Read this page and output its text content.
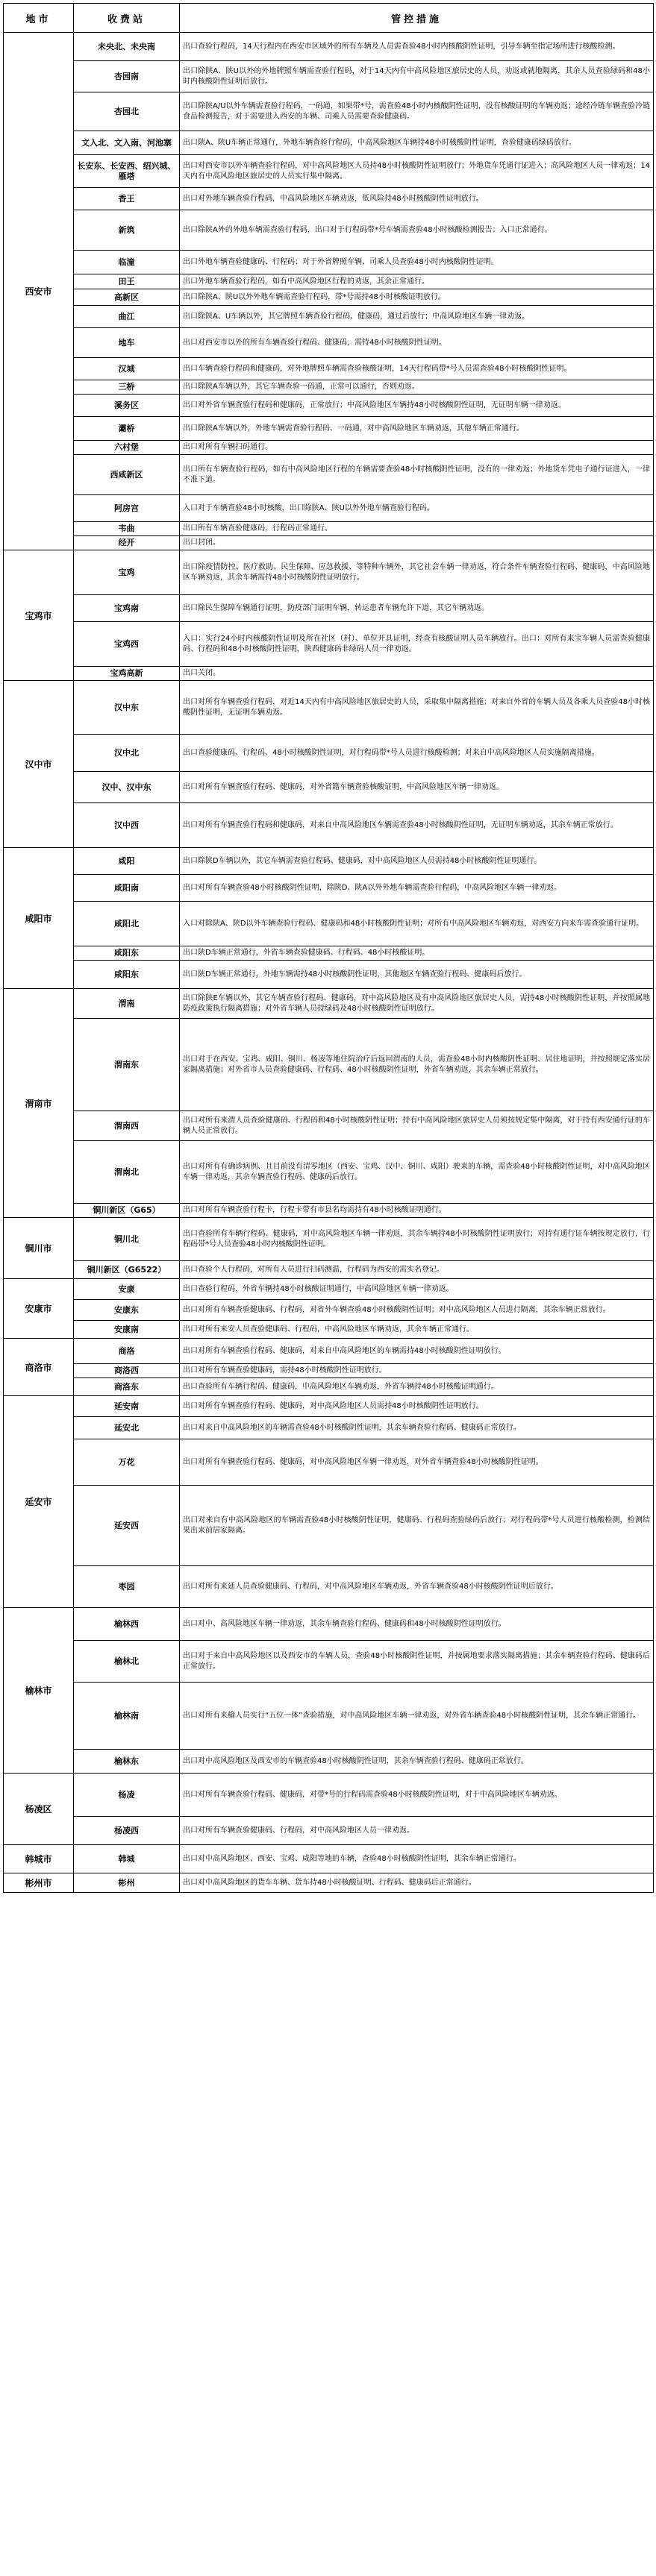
地市	收费站	管控措施
西安市	未央北、未央南	出口查验行程码，14天行程内在西安市区域外的所有车辆及人员需查验48小时内核酸阴性证明，引导车辆至指定场所进行核酸检测。
	杏园南	出口除陕A、陕U以外的外地牌照车辆需查验行程码，对于14天内有中高风险地区旅居史的人员，劝返或就地隔离，其余人员查验绿码和48小时内核酸阴性证明后放行。
	杏园北	出口除陕A/U以外车辆需查验行程码，一码通，如果带*号，需查验48小时内核酸阴性证明，没有核酸证明的车辆劝返；途经冷链车辆查验冷链食品检测报告，对于需要进入西安的车辆、司乘人员需要查验健康码。
	文入北、文入南、河池寨	出口陕A、陕U车辆正常通行，外地车辆查验行程码，中高风险地区车辆持48小时核酸阴性证明，查验健康码绿码放行。
	长安东、长安西、绍兴城、雁塔	出口对西安市以外车辆查验行程码，对中高风险地区人员持48小时核酸阴性证明放行；外地货车凭通行证进入；高风险地区人员一律劝返；14天内有中高风险地区旅居史的人员实行集中隔离。
	香王	出口对外地车辆查验行程码，中高风险地区车辆劝返，低风险持48小时核酸阴性证明放行。
	新筑	出口除陕A外的外地车辆需查验行程码，出口对于行程码带*号车辆需查验48小时核酸检测报告；入口正常通行。
	临潼	出口外地车辆查验健康码、行程码；对于外省牌照车辆、司乘人员查验48小时内核酸阴性证明。
	田王	出口外地车辆查验行程码，如有中高风险地区行程的劝返，其余正常通行。
	高新区	出口除陕A、陕U以外外地车辆需查验行程码，带*号需持48小时核酸证明放行。
	曲江	出口除陕A、U车辆以外，其它牌照车辆查验行程码、健康码，通过后放行；中高风险地区车辆一律劝返。
	地车	出口对西安市以外的所有车辆查验行程码、健康码，需持48小时核酸阴性证明。
	汉城	出口车辆查验行程码和健康码，对外地牌照车辆需查验核酸证明，14天行程码带*号人员需查验48小时核酸阴性证明。
	三桥	出口除陕A车辆以外，其它车辆查验一码通，正常可以通行，否则劝返。
	溪务区	出口对外省车辆查验行程码和健康码，正常放行；中高风险地区车辆持48小时核酸阴性证明，无证明车辆一律劝返。
	灞桥	出口除陕A车辆以外，外地车辆需查验行程码、一码通，对中高风险地区车辆劝返，其他车辆正常通行。
	六村堡	出口对所有车辆扫码通行。
	西咸新区	出口所有车辆查验行程码，如有中高风险地区行程的车辆需要查验48小时核酸阴性证明，没有的一律劝返；外地货车凭电子通行证进入，一律不准下道。
	阿房宫	入口对于车辆查验48小时核酸，出口除陕A、陕U以外外地车辆查验行程码。
	韦曲	出口所有车辆查验健康码，行程码正常通行。
	经开	出口封闭。
宝鸡市	宝鸡	出口除疫情防控、医疗救助、民生保障、应急救援、等特种车辆外，其它社会车辆一律劝返，符合条件车辆查验行程码、健康码，中高风险地区车辆劝返，其余车辆需持48小时核酸阴性证明放行。
	宝鸡南	出口除民生保障车辆通行证明，防疫部门证明车辆，转运患者车辆允许下道，其它车辆劝返。
	宝鸡西	入口：实行24小时内核酸阴性证明及所在社区（村）、单位开具证明，经查有核酸证明人员车辆放行。出口：对所有来宝车辆人员需查验健康码、行程码和48小时核酸阴性证明，陕西健康码非绿码人员一律劝返。
	宝鸡高新	出口关闭。
汉中市	汉中东	出口对所有车辆查验行程码，对近14天内有中高风险地区旅居史的人员，采取集中隔离措施；对来自外省的车辆人员及各乘人员查验48小时核酸阴性证明，无证明车辆劝返。
	汉中北	出口查验健康码、行程码、48小时核酸阴性证明，对行程码带*号人员进行核酸检测；对来自中高风险地区人员实施隔离措施。
	汉中、汉中东	出口对所有车辆查验行程码、健康码，对外省籍车辆查验核酸证明，中高风险地区车辆一律劝返。
	汉中西	出口对所有车辆查验行程码和健康码，对来自中高风险地区车辆需查验48小时核酸阴性证明，无证明车辆劝返，其余车辆正常放行。
咸阳市	咸阳	出口除陕D车辆以外，其它车辆需查验行程码、健康码，对中高风险地区人员需持48小时核酸阴性证明通行。
	咸阳南	出口对所有车辆查验48小时核酸阴性证明，除陕D、陕A以外外地车辆需查验行程码，中高风险地区车辆一律劝返。
	咸阳北	入口对除陕A、陕D以外车辆查验行程码、健康码和48小时核酸阴性证明；对所有中高风险地区车辆劝返，对西安方向来车需查验通行证明。
	咸阳东	出口陕D车辆正常通行，外省车辆查验健康码、行程码、48小时核酸证明。
	咸阳东	出口陕D车辆正常通行，外地车辆需持48小时核酸阴性证明，其他地区车辆查验行程码、健康码后放行。
渭南市	渭南	出口除陕E车辆以外，其它车辆查验行程码、健康码，对中高风险地区及有中高风险地区旅居史人员，需持48小时核酸阴性证明，并按照属地防疫政策执行隔离措施；对外省车辆人员持绿码及48小时核酸阴性证明放行。
	渭南东	出口对于在西安、宝鸡、咸阳、铜川、杨凌等地住院治疗后返回渭南的人员，需查验48小时内核酸阴性证明、居住地证明，并按照规定落实居家隔离措施；对外省市人员查验健康码、行程码、48小时核酸阴性证明，外省车辆劝返，其余车辆正常放行。
	渭南西	出口对所有来渭人员查验健康码、行程码和48小时核酸阴性证明；持有中高风险地区旅居史人员须按规定集中隔离，对于持有西安通行证的车辆人员正常放行。
	渭南北	出口对所有有确诊病例、且目前没有清零地区（西安、宝鸡、汉中、铜川、咸阳）驶来的车辆，需查验48小时核酸阴性证明，对中高风险地区车辆一律劝返，其余车辆查验行程码、健康码后放行。
	铜川新区（G65）	出口对所有车辆查验行程卡，行程卡带有市县名均需持有48小时核酸证明通行。
铜川市	铜川北	出口查验所有车辆行程码、健康码，对中高风险地区车辆一律劝返，其余车辆持48小时核酸阴性证明放行；对持有通行证车辆按规定放行，行程码带*号人员查验48小时内核酸阴性证明。
	铜川新区（G6522）	出口查验个人行程码，对所有人员进行扫码测温，行程码为西安的需实名登记。
安康市	安康	出口查验行程码，外省车辆持48小时核酸证明通行，中高风险地区车辆一律劝返。
	安康东	出口对所有车辆查验健康码、行程码，对省外车辆查验48小时核酸阴性证明；对中高风险地区人员进行隔离，其余车辆正常放行。
	安康南	出口对所有来安人员查验健康码、行程码，中高风险地区车辆劝返，其余车辆正常通行。
商洛市	商洛	出口对所有车辆查验行程码、健康码，对来自中高风险地区的车辆需持48小时核酸阴性证明放行。
	商洛西	出口对所有车辆查验健康码，需持48小时核酸阴性证明放行。
	商洛东	出口查验所有车辆行程码、健康码，中高风险地区车辆劝返，外省车辆持48小时核酸证明通行。
延安市	延安南	出口对所有车辆查验行程码、健康码，对中高风险地区人员需持48小时核酸阴性证明放行。
	延安北	出口对来自中高风险地区的车辆需查验48小时核酸阴性证明，其余车辆查验行程码、健康码正常放行。
	万花	出口对所有车辆查验行程码、健康码，对中高风险地区车辆一律劝返，对外省车辆查验48小时核酸阴性证明。
	延安西	出口对来自有中高风险地区的车辆需查验48小时核酸阴性证明，健康码、行程码查验绿码后放行；对行程码带*号人员进行核酸检测，检测结果出来前居家隔离。
	枣园	出口对所有来延人员查验健康码、行程码，对中高风险地区车辆劝返，外省车辆查验48小时核酸阴性证明后放行。
榆林市	榆林西	出口对中、高风险地区车辆一律劝返，其余车辆查验行程码、健康码和48小时核酸阴性证明放行。
	榆林北	出口对于来自中高风险地区以及西安市的车辆人员，查验48小时核酸阴性证明，并按属地要求落实隔离措施；其余车辆查验行程码、健康码后正常放行。
	榆林南	出口对所有来榆人员实行“五位一体”查验措施，对中高风险地区车辆一律劝返，对外省车辆查验48小时核酸阴性证明，其余车辆正常通行。
	榆林东	出口对中高风险地区及西安市的车辆查验48小时核酸阴性证明，其余车辆查验行程码、健康码正常放行。
杨凌区	杨凌	出口对所有车辆查验行程码、健康码，对带*号的行程码需查验48小时核酸阴性证明，对于中高风险地区车辆劝返。
	杨凌西	出口对所有车辆查验健康码、行程码，对中高风险地区人员一律劝返。
韩城市	韩城	出口对中高风险地区、西安、宝鸡、咸阳等地的车辆，查验48小时核酸阴性证明，其余车辆正常通行。
彬州市	彬州	出口对中高风险地区的货车车辆、货车持48小时核酸证明、行程码、健康码后正常通行。
